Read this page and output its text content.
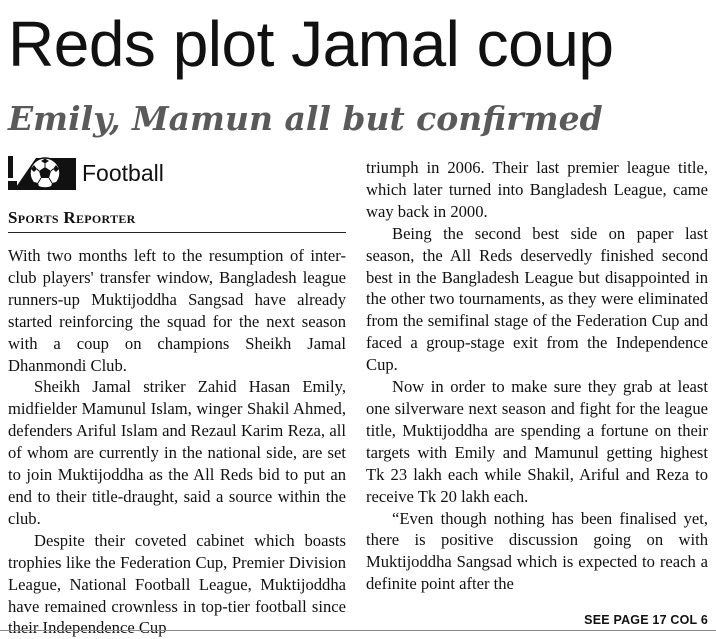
Reds plot Jamal coup
Emily, Mamun all but confirmed
Football
Sports Reporter

With two months left to the resumption of inter-club players' transfer window, Bangladesh league runners-up Muktijoddha Sangsad have already started reinforcing the squad for the next season with a coup on champions Sheikh Jamal Dhanmondi Club.

Sheikh Jamal striker Zahid Hasan Emily, midfielder Mamunul Islam, winger Shakil Ahmed, defenders Ariful Islam and Rezaul Karim Reza, all of whom are currently in the national side, are set to join Muktijoddha as the All Reds bid to put an end to their title-draught, said a source within the club.

Despite their coveted cabinet which boasts trophies like the Federation Cup, Premier Division League, National Football League, Muktijoddha have remained crownless in top-tier football since their Independence Cup

triumph in 2006. Their last premier league title, which later turned into Bangladesh League, came way back in 2000.

Being the second best side on paper last season, the All Reds deservedly finished second best in the Bangladesh League but disappointed in the other two tournaments, as they were eliminated from the semifinal stage of the Federation Cup and faced a group-stage exit from the Independence Cup.

Now in order to make sure they grab at least one silverware next season and fight for the league title, Muktijoddha are spending a fortune on their targets with Emily and Mamunul getting highest Tk 23 lakh each while Shakil, Ariful and Reza to receive Tk 20 lakh each.

“Even though nothing has been finalised yet, there is positive discussion going on with Muktijoddha Sangsad which is expected to reach a definite point after the

SEE PAGE 17 COL 6
